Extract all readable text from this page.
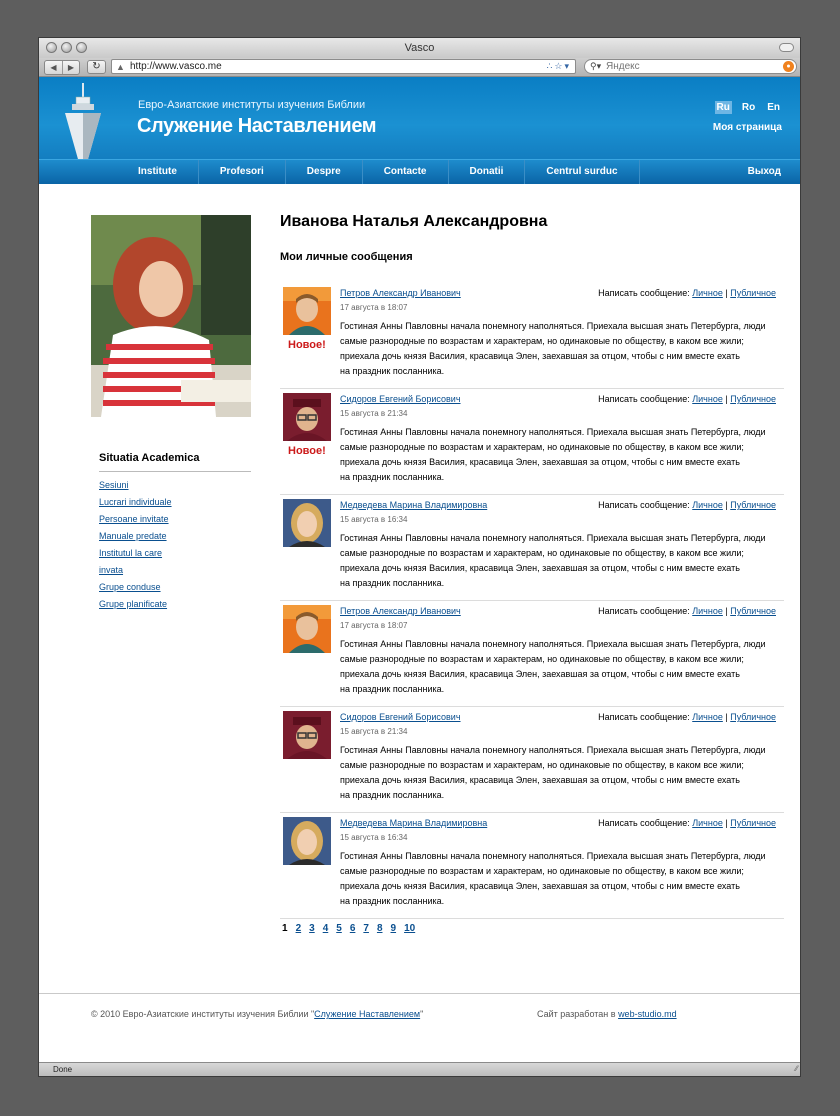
Vasco
◀	▶	↻	▲ http://www.vasco.me	∴☆▾ ⚲▾
Яндекс	●
Евро-Азиатские институты изучения Библии
Служение Наставлением
Ru Ro En
Моя страница
Institute	Profesori	Despre	Contacte	Donatii	Centrul surduc	Выход
Situatia Academica
Sesiuni
Lucrari individuale
Persoane invitate
Manuale predate
Institutul la care
invata
Grupe conduse
Grupe planificate
Иванова Наталья Александровна
Мои личные сообщения
Новое!
Петров Александр Иванович
17 августа в 18:07
Написать сообщение: Личное | Публичное
Гостиная Анны Павловны начала понемногу наполняться. Приехала высшая знать Петербурга, люди
самые разнородные по возрастам и характерам, но одинаковые по обществу, в каком все жили;
приехала дочь князя Василия, красавица Элен, заехавшая за отцом, чтобы с ним вместе ехать
на праздник посланника.
Новое!
Сидоров Евгений Борисович
15 августа в 21:34
Написать сообщение: Личное | Публичное
Гостиная Анны Павловны начала понемногу наполняться. Приехала высшая знать Петербурга, люди
самые разнородные по возрастам и характерам, но одинаковые по обществу, в каком все жили;
приехала дочь князя Василия, красавица Элен, заехавшая за отцом, чтобы с ним вместе ехать
на праздник посланника.
Медведева Марина Владимировна
15 августа в 16:34
Написать сообщение: Личное | Публичное
Гостиная Анны Павловны начала понемногу наполняться. Приехала высшая знать Петербурга, люди
самые разнородные по возрастам и характерам, но одинаковые по обществу, в каком все жили;
приехала дочь князя Василия, красавица Элен, заехавшая за отцом, чтобы с ним вместе ехать
на праздник посланника.
Петров Александр Иванович
17 августа в 18:07
Написать сообщение: Личное | Публичное
Гостиная Анны Павловны начала понемногу наполняться. Приехала высшая знать Петербурга, люди
самые разнородные по возрастам и характерам, но одинаковые по обществу, в каком все жили;
приехала дочь князя Василия, красавица Элен, заехавшая за отцом, чтобы с ним вместе ехать
на праздник посланника.
Сидоров Евгений Борисович
15 августа в 21:34
Написать сообщение: Личное | Публичное
Гостиная Анны Павловны начала понемногу наполняться. Приехала высшая знать Петербурга, люди
самые разнородные по возрастам и характерам, но одинаковые по обществу, в каком все жили;
приехала дочь князя Василия, красавица Элен, заехавшая за отцом, чтобы с ним вместе ехать
на праздник посланника.
Медведева Марина Владимировна
15 августа в 16:34
Написать сообщение: Личное | Публичное
Гостиная Анны Павловны начала понемногу наполняться. Приехала высшая знать Петербурга, люди
самые разнородные по возрастам и характерам, но одинаковые по обществу, в каком все жили;
приехала дочь князя Василия, красавица Элен, заехавшая за отцом, чтобы с ним вместе ехать
на праздник посланника.
1 2 3 4 5 6 7 8 9 10
© 2010 Евро-Азиатские институты изучения Библии "Служение Наставлением"	Сайт разработан в web-studio.md
Done	∕∕
